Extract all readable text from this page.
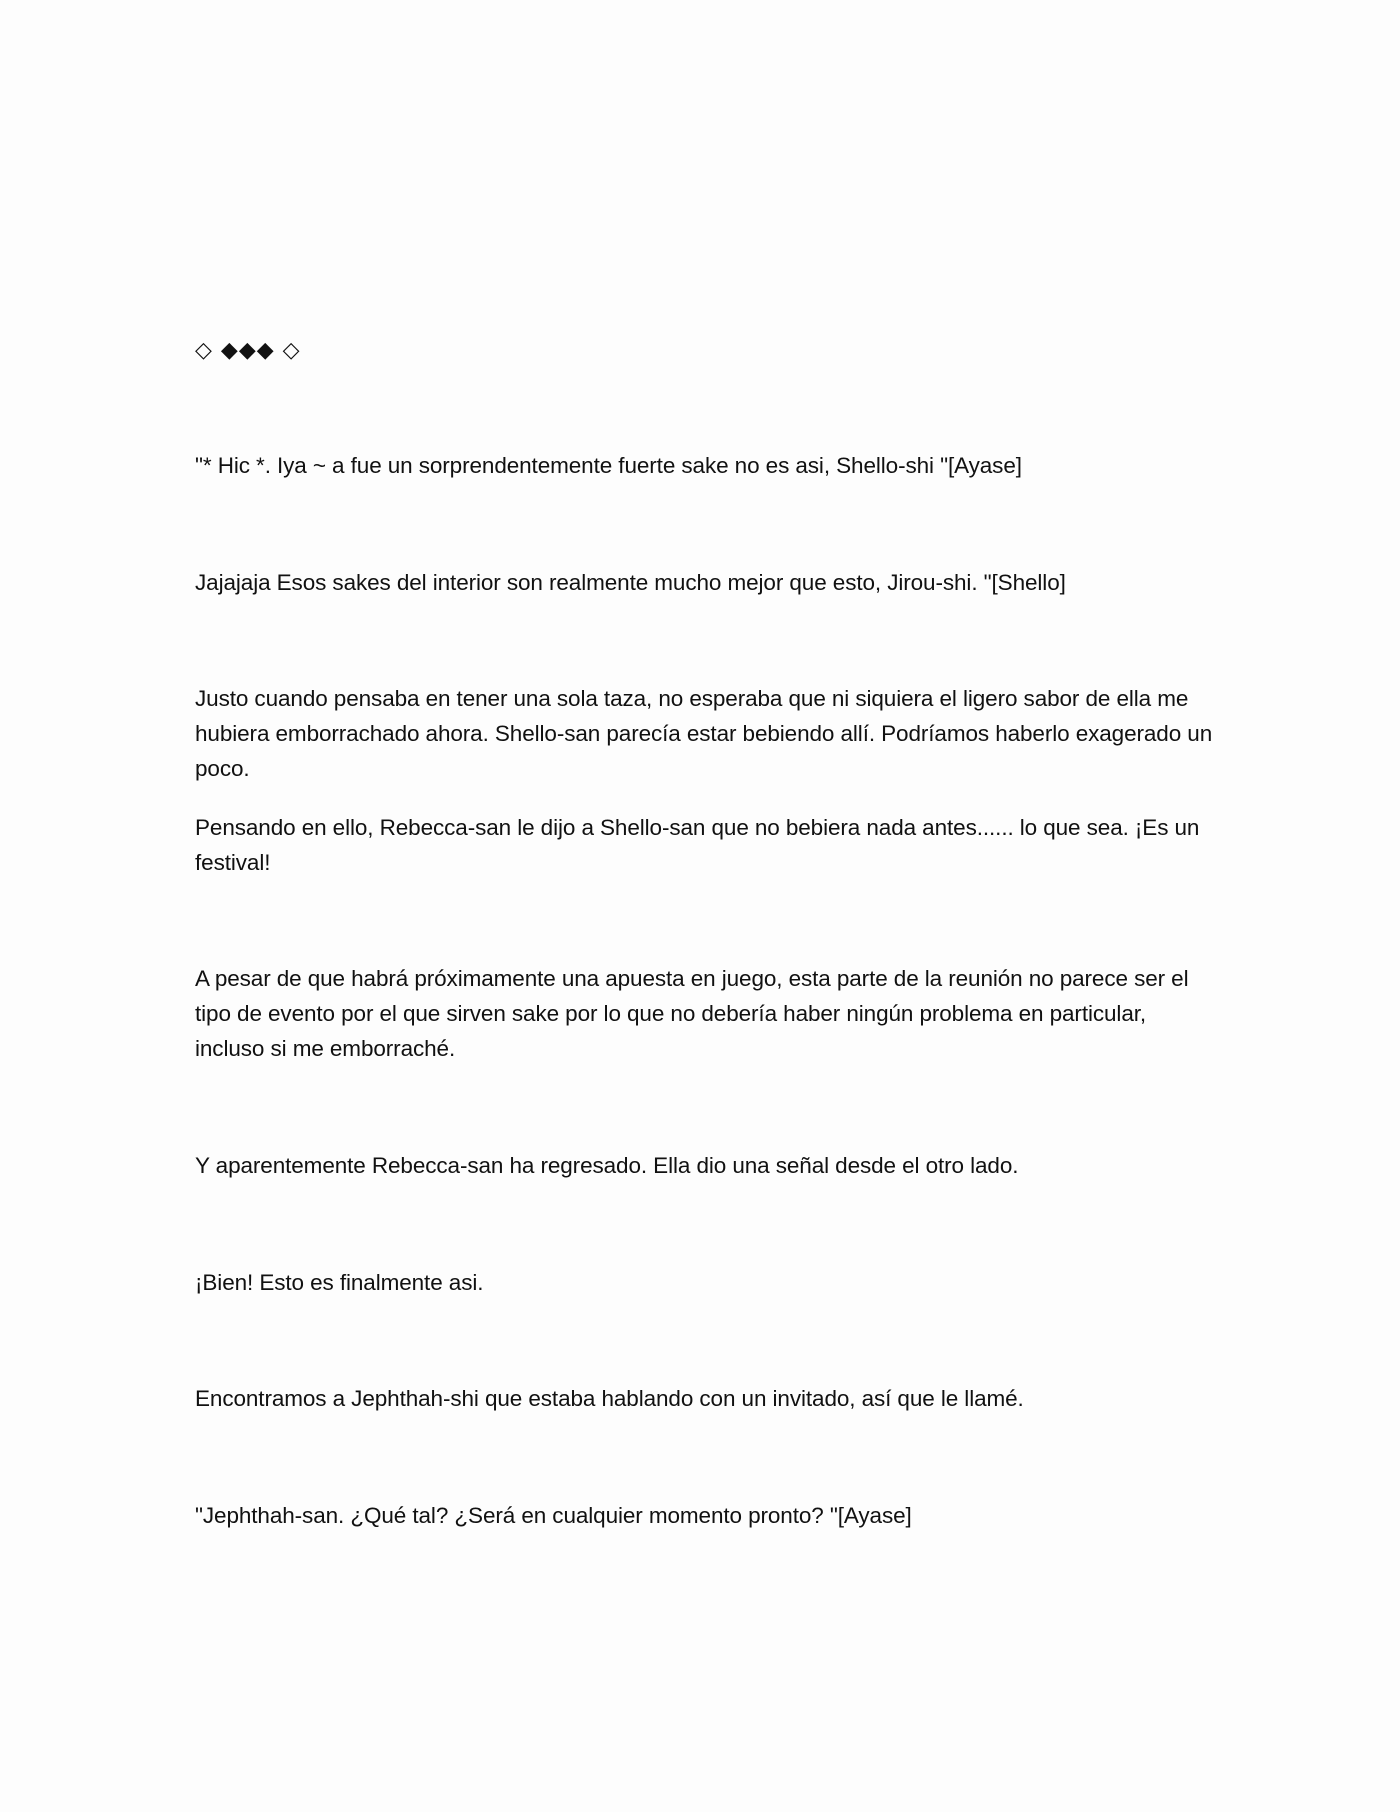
◇ ◆◆◆ ◇

"* Hic *. Iya ~ a fue un sorprendentemente fuerte sake no es asi, Shello-shi "[Ayase]

Jajajaja Esos sakes del interior son realmente mucho mejor que esto, Jirou-shi. "[Shello]

Justo cuando pensaba en tener una sola taza, no esperaba que ni siquiera el ligero sabor de ella me hubiera emborrachado ahora. Shello-san parecía estar bebiendo allí. Podríamos haberlo exagerado un poco.

Pensando en ello, Rebecca-san le dijo a Shello-san que no bebiera nada antes...... lo que sea. ¡Es un festival!

A pesar de que habrá próximamente una apuesta en juego, esta parte de la reunión no parece ser el tipo de evento por el que sirven sake por lo que no debería haber ningún problema en particular, incluso si me emborraché.

Y aparentemente Rebecca-san ha regresado. Ella dio una señal desde el otro lado.

¡Bien! Esto es finalmente asi.

Encontramos a Jephthah-shi que estaba hablando con un invitado, así que le llamé.

"Jephthah-san. ¿Qué tal? ¿Será en cualquier momento pronto? "[Ayase]
